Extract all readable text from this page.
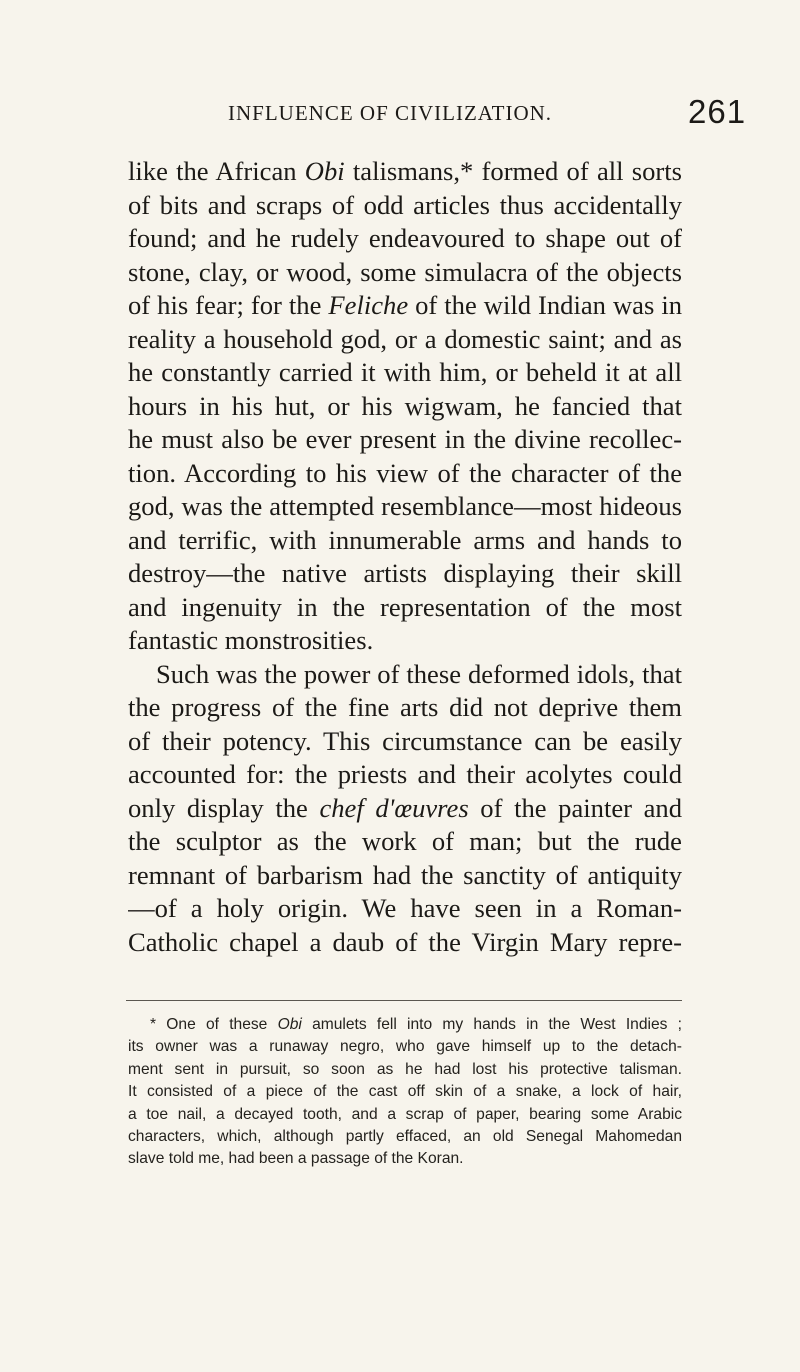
INFLUENCE OF CIVILIZATION.	261
like the African Obi talismans,* formed of all sorts
of bits and scraps of odd articles thus accidentally
found; and he rudely endeavoured to shape out of
stone, clay, or wood, some simulacra of the objects
of his fear; for the Feliche of the wild Indian was in
reality a household god, or a domestic saint; and as
he constantly carried it with him, or beheld it at all
hours in his hut, or his wigwam, he fancied that
he must also be ever present in the divine recollec-
tion. According to his view of the character of the
god, was the attempted resemblance—most hideous
and terrific, with innumerable arms and hands to
destroy—the native artists displaying their skill
and ingenuity in the representation of the most
fantastic monstrosities.
Such was the power of these deformed idols, that
the progress of the fine arts did not deprive them
of their potency. This circumstance can be easily
accounted for: the priests and their acolytes could
only display the chef d'œuvres of the painter and
the sculptor as the work of man; but the rude
remnant of barbarism had the sanctity of antiquity
—of a holy origin. We have seen in a Roman-
Catholic chapel a daub of the Virgin Mary repre-
* One of these Obi amulets fell into my hands in the West Indies ;
its owner was a runaway negro, who gave himself up to the detach-
ment sent in pursuit, so soon as he had lost his protective talisman.
It consisted of a piece of the cast off skin of a snake, a lock of hair,
a toe nail, a decayed tooth, and a scrap of paper, bearing some Arabic
characters, which, although partly effaced, an old Senegal Mahomedan
slave told me, had been a passage of the Koran.
